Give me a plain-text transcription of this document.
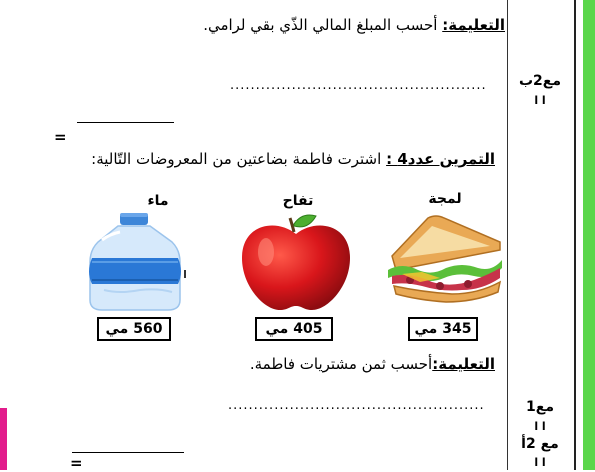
التعليمة: أحسب المبلغ المالي الذّي بقي لرامي.
..................................................	مع2ب
ا ا
=
التمرين عدد4 : اشترت فاطمة بضاعتين من المعروضات التّالية:
لمجة
تفاح
ماء
345 مي
405 مي
560 مي
التعليمة:أحسب ثمن مشتريات فاطمة.
..................................................	مع1
ا ا
مع 2أ
ا ا
=
